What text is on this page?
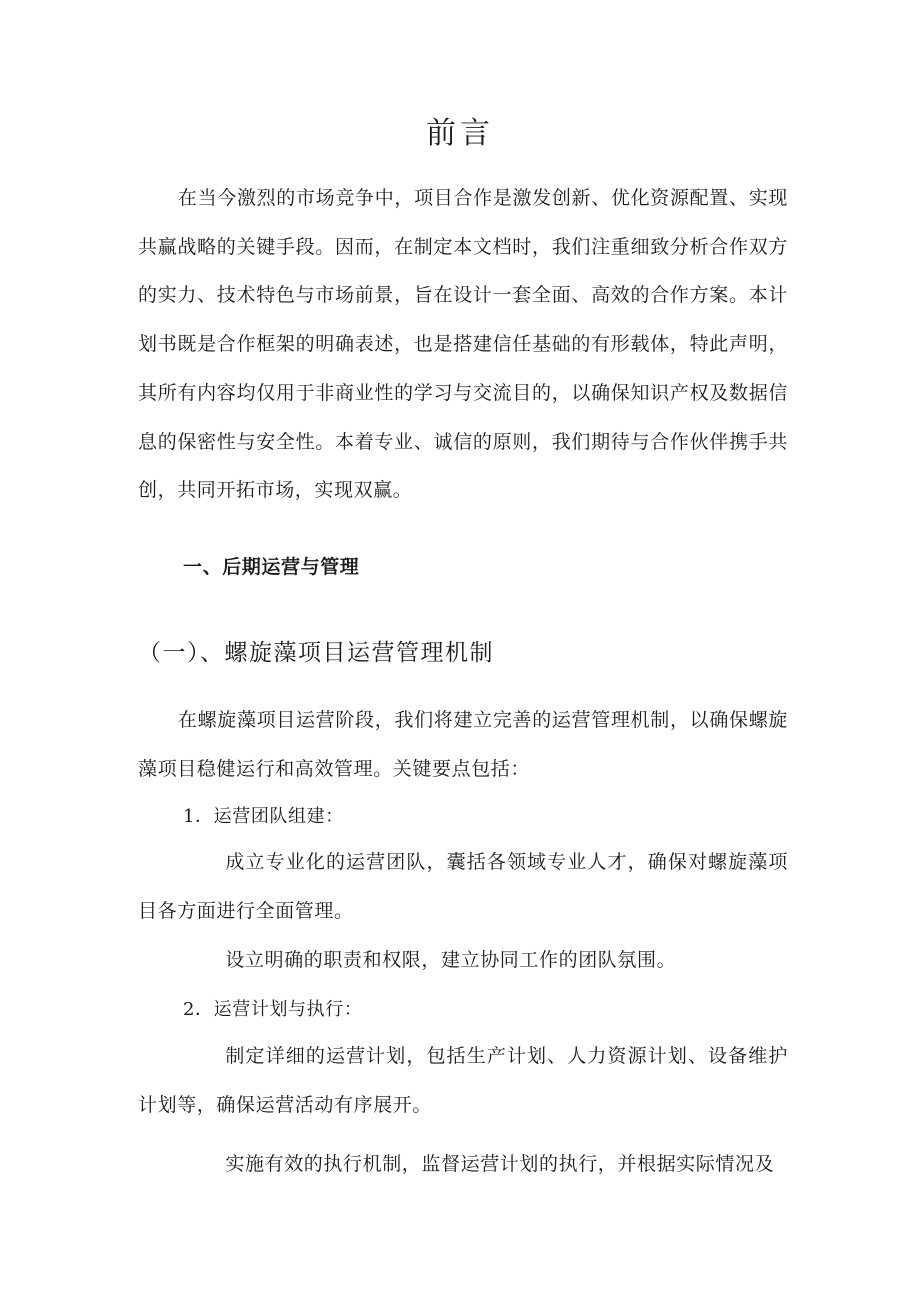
前言

在当今激烈的市场竞争中，项目合作是激发创新、优化资源配置、实现共赢战略的关键手段。因而，在制定本文档时，我们注重细致分析合作双方的实力、技术特色与市场前景，旨在设计一套全面、高效的合作方案。本计划书既是合作框架的明确表述，也是搭建信任基础的有形载体，特此声明，其所有内容均仅用于非商业性的学习与交流目的，以确保知识产权及数据信息的保密性与安全性。本着专业、诚信的原则，我们期待与合作伙伴携手共创，共同开拓市场，实现双赢。

一、后期运营与管理
（一）、螺旋藻项目运营管理机制

在螺旋藻项目运营阶段，我们将建立完善的运营管理机制，以确保螺旋藻项目稳健运行和高效管理。关键要点包括：

1．运营团队组建：

成立专业化的运营团队，囊括各领域专业人才，确保对螺旋藻项目各方面进行全面管理。

设立明确的职责和权限，建立协同工作的团队氛围。

2．运营计划与执行：

制定详细的运营计划，包括生产计划、人力资源计划、设备维护计划等，确保运营活动有序展开。

实施有效的执行机制，监督运营计划的执行，并根据实际情况及
